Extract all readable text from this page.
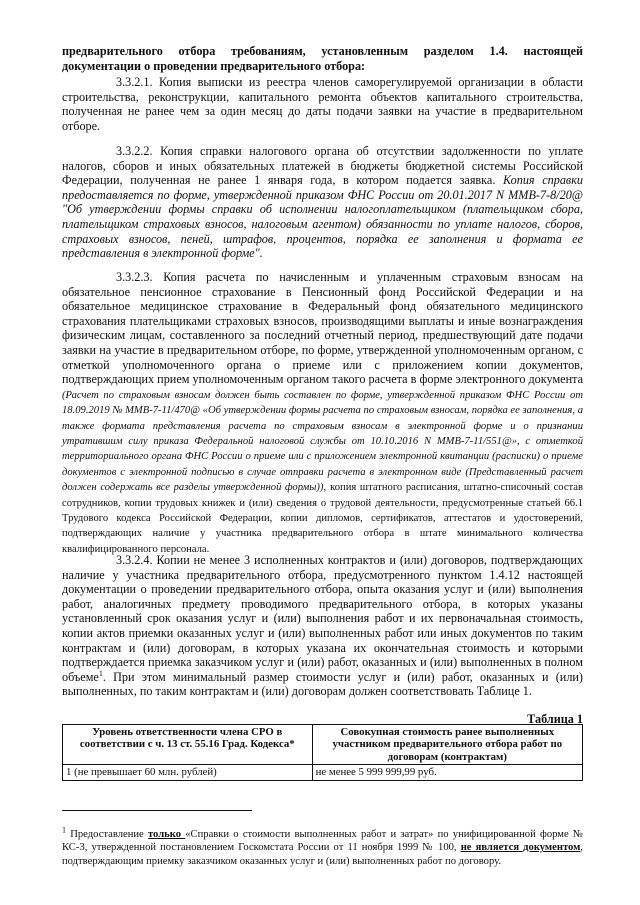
предварительного отбора требованиям, установленным разделом 1.4. настоящей документации о проведении предварительного отбора:

3.3.2.1. Копия выписки из реестра членов саморегулируемой организации в области строительства, реконструкции, капитального ремонта объектов капитального строительства, полученная не ранее чем за один месяц до даты подачи заявки на участие в предварительном отборе.

3.3.2.2. Копия справки налогового органа об отсутствии задолженности по уплате налогов, сборов и иных обязательных платежей в бюджеты бюджетной системы Российской Федерации, полученная не ранее 1 января года, в котором подается заявка. Копия справки предоставляется по форме, утвержденной приказом ФНС России от 20.01.2017 N ММВ-7-8/20@ "Об утверждении формы справки об исполнении налогоплательщиком (плательщиком сбора, плательщиком страховых взносов, налоговым агентом) обязанности по уплате налогов, сборов, страховых взносов, пеней, штрафов, процентов, порядка ее заполнения и формата ее представления в электронной форме".

3.3.2.3. Копия расчета по начисленным и уплаченным страховым взносам на обязательное пенсионное страхование в Пенсионный фонд Российской Федерации и на обязательное медицинское страхование в Федеральный фонд обязательного медицинского страхования плательщиками страховых взносов, производящими выплаты и иные вознаграждения физическим лицам, составленного за последний отчетный период, предшествующий дате подачи заявки на участие в предварительном отборе, по форме, утвержденной уполномоченным органом, с отметкой уполномоченного органа о приеме или с приложением копии документов, подтверждающих прием уполномоченным органом такого расчета в форме электронного документа (Расчет по страховым взносам должен быть составлен по форме, утвержденной приказом ФНС России от 18.09.2019 № ММВ-7-11/470@ «Об утверждении формы расчета по страховым взносам, порядка ее заполнения, а также формата представления расчета по страховым взносам в электронной форме и о признании утратившим силу приказа Федеральной налоговой службы от 10.10.2016 N ММВ-7-11/551@», с отметкой территориального органа ФНС России о приеме или с приложением электронной квитанции (расписки) о приеме документов с электронной подписью в случае отправки расчета в электронном виде (Представленный расчет должен содержать все разделы утвержденной формы)), копия штатного расписания, штатно-списочный состав сотрудников, копии трудовых книжек и (или) сведения о трудовой деятельности, предусмотренные статьей 66.1 Трудового кодекса Российской Федерации, копии дипломов, сертификатов, аттестатов и удостоверений, подтверждающих наличие у участника предварительного отбора в штате минимального количества квалифицированного персонала.

3.3.2.4. Копии не менее 3 исполненных контрактов и (или) договоров, подтверждающих наличие у участника предварительного отбора, предусмотренного пунктом 1.4.12 настоящей документации о проведении предварительного отбора, опыта оказания услуг и (или) выполнения работ, аналогичных предмету проводимого предварительного отбора, в которых указаны установленный срок оказания услуг и (или) выполнения работ и их первоначальная стоимость, копии актов приемки оказанных услуг и (или) выполненных работ или иных документов по таким контрактам и (или) договорам, в которых указана их окончательная стоимость и которыми подтверждается приемка заказчиком услуг и (или) работ, оказанных и (или) выполненных в полном объеме$^1$. При этом минимальный размер стоимости услуг и (или) работ, оказанных и (или) выполненных, по таким контрактам и (или) договорам должен соответствовать Таблице 1.

Таблица 1
Уровень ответственности члена СРО в соответствии с ч. 13 ст. 55.16 Град. Кодекса*	Совокупная стоимость ранее выполненных участником предварительного отбора работ по договорам (контрактам)
1 (не превышает 60 млн. рублей)	не менее 5 999 999,99 руб.

$^1$ Предоставление только «Справки о стоимости выполненных работ и затрат» по унифицированной форме № КС-3, утвержденной постановлением Госкомстата России от 11 ноября 1999 № 100, не является документом, подтверждающим приемку заказчиком оказанных услуг и (или) выполненных работ по договору.
